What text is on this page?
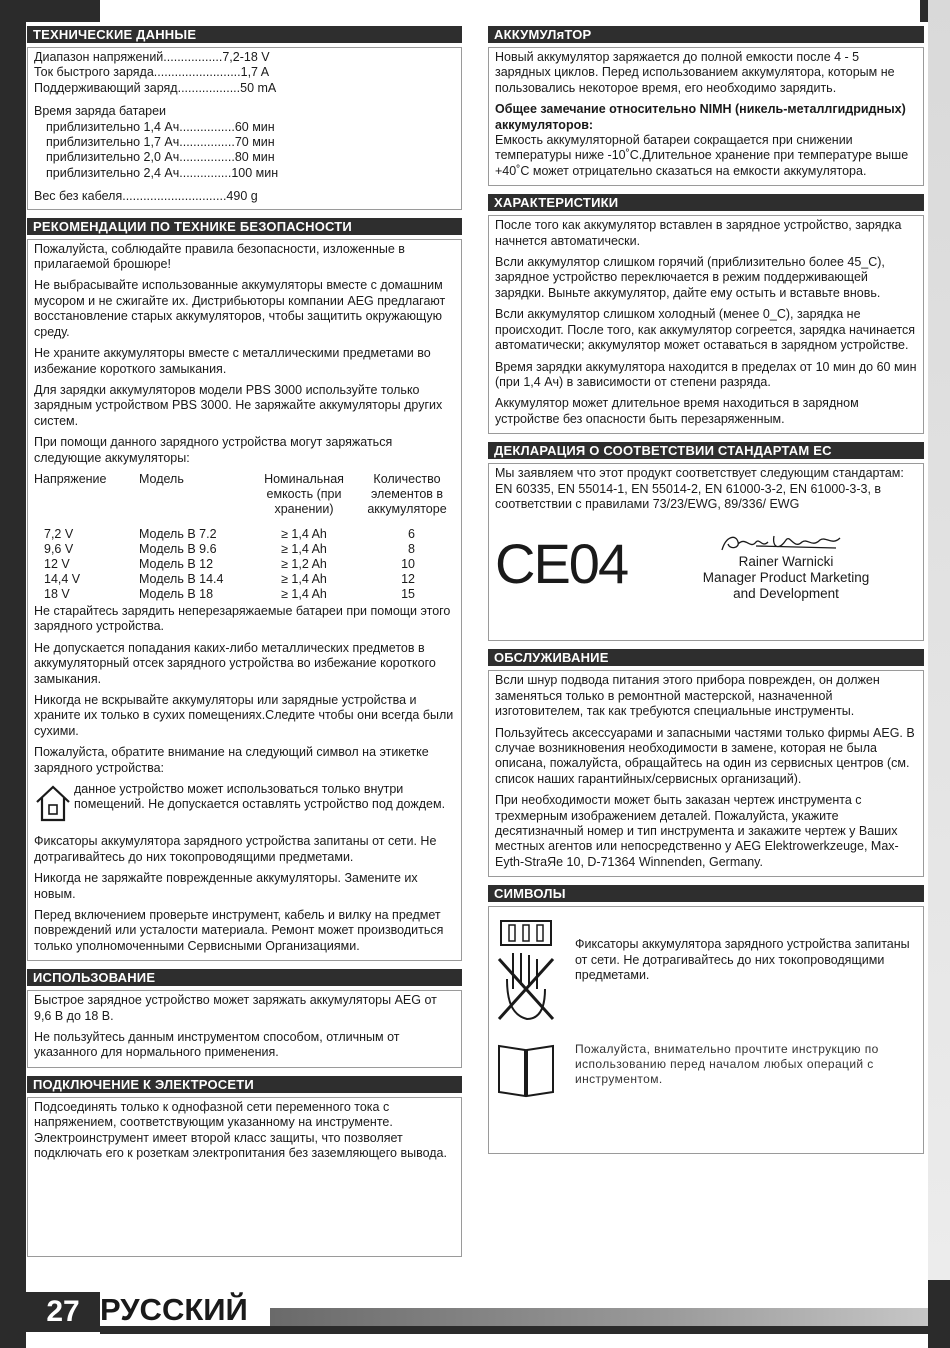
ТЕХНИЧЕСКИЕ ДАННЫЕ
Диапазон напряжений ................. 7,2-18 V
Ток быстрого заряда ......................... 1,7 A
Поддерживающий заряд .................. 50 mA
Время заряда батареи
приблизительно 1,4 Ач ................ 60 мин
приблизительно 1,7 Ач ................ 70 мин
приблизительно 2,0 Ач ................ 80 мин
приблизительно 2,4 Ач ............... 100 мин
Вес без кабеля .............................. 490 g
РЕКОМЕНДАЦИИ ПО ТЕХНИКЕ БЕЗОПАСНОСТИ

Пожалуйста, соблюдайте правила безопасности, изложенные в прилагаемой брошюре!

Не выбрасывайте использованные аккумуляторы вместе с домашним мусором и не сжигайте их. Дистрибьюторы компании AEG предлагают восстановление старых аккумуляторов, чтобы защитить окружающую среду.

Не храните аккумуляторы вместе с металлическими предметами во избежание короткого замыкания.

Для зарядки аккумуляторов модели PBS 3000 используйте только зарядным устройством PBS 3000. Не заряжайте аккумуляторы других систем.

При помощи данного зарядного устройства могут заряжаться следующие аккумуляторы:

Напряжение	Модель	Номинальная емкость (при хранении)	Количество элементов в аккумуляторе

7,2 V	Модель B 7.2	≥ 1,4 Ah	6
9,6 V	Модель B 9.6	≥ 1,4 Ah	8
12 V	Модель B 12	≥ 1,2 Ah	10
14,4 V	Модель B 14.4	≥ 1,4 Ah	12
18 V	Модель B 18	≥ 1,4 Ah	15

Не старайтесь зарядить неперезаряжаемые батареи при помощи этого зарядного устройства.

Не допускается попадания каких-либо металлических предметов в аккумуляторный отсек зарядного устройства во избежание короткого замыкания.

Никогда не вскрывайте аккумуляторы или зарядные устройства и храните их только в сухих помещениях.Следите чтобы они всегда были сухими.

Пожалуйста, обратите внимание на следующий символ на этикетке зарядного устройства:

данное устройство может использоваться только внутри помещений. Не допускается оставлять устройство под дождем.

Фиксаторы аккумулятора зарядного устройства запитаны от сети. Не дотрагивайтесь до них токопроводящими предметами.

Никогда не заряжайте поврежденные аккумуляторы. Замените их новым.

Перед включением проверьте инструмент, кабель и вилку на предмет повреждений или усталости материала. Ремонт может производиться только уполномоченными Сервисными Организациями.

ИСПОЛЬЗОВАНИЕ

Быстрое зарядное устройство может заряжать аккумуляторы AEG от 9,6 В до 18 В.

Не пользуйтесь данным инструментом способом, отличным от указанного для нормального применения.

ПОДКЛЮЧЕНИЕ К ЭЛЕКТРОСЕТИ

Подсоединять только к однофазной сети переменного тока с напряжением, соответствующим указанному на инструменте. Электроинструмент имеет второй класс защиты, что позволяет подключать его к розеткам электропитания без заземляющего вывода.

АККУМУЛяТОР

Новый аккумулятор заряжается до полной емкости после 4 - 5 зарядных циклов. Перед использованием аккумулятора, которым не пользовались некоторое время, его необходимо зарядить.

Общее замечание относительно NIMH (никель-металлгидридных) аккумуляторов:

Емкость аккумуляторной батареи сокращается при снижении температуры ниже -10˚C.Длительное хранение при температуре выше +40˚C может отрицательно сказаться на емкости аккумулятора.

ХАРАКТЕРИСТИКИ

После того как аккумулятор вставлен в зарядное устройство, зарядка начнется автоматически.

Всли аккумулятор слишком горячий (приблизительно более 45_C), зарядное устройство переключается в режим поддерживающей зарядки. Выньте аккумулятор, дайте ему остыть и вставьте вновь.

Всли аккумулятор слишком холодный (менее 0_C), зарядка не происходит. После того, как аккумулятор согреется, зарядка начинается автоматически; аккумулятор может оставаться в зарядном устройстве.

Время зарядки аккумулятора находится в пределах от 10 мин до 60 мин (при 1,4 Ач) в зависимости от степени разряда.

Аккумулятор может длительное время находиться в зарядном устройстве без опасности быть перезаряженным.

ДЕКЛАРАЦИЯ О СООТВЕТСТВИИ СТАНДАРТАМ ЕС

Мы заявляем что этот продукт соответствует следующим стандартам: EN 60335, EN 55014-1, EN 55014-2, EN 61000-3-2, EN 61000-3-3, в соответствии с правилами 73/23/EWG, 89/336/ EWG

CE04	Rainer Warnicki
Manager Product Marketing
and Development
ОБСЛУЖИВАНИЕ

Всли шнур подвода питания этого прибора поврежден, он должен заменяться только в ремонтной мастерской, назначенной изготовителем, так как требуются специальные инструменты.

Пользуйтесь аксессуарами и запасными частями только фирмы AEG. В случае возникновения необходимости в замене, которая не была описана, пожалуйста, обращайтесь на один из сервисных центров (см. список наших гарантийных/сервисных организаций).

При необходимости может быть заказан чертеж инструмента с трехмерным изображением деталей. Пожалуйста, укажите десятизначный номер и тип инструмента и закажите чертеж у Ваших местных агентов или непосредственно у AEG Elektrowerkzeuge, Max-Eyth-StraЯe 10, D-71364 Winnenden, Germany.

СИМВОЛЫ
Фиксаторы аккумулятора зарядного устройства запитаны от сети. Не дотрагивайтесь до них токопроводящими предметами.
Пожалуйста, внимательно прочтите инструкцию по использованию перед началом любых операций с инструментом.
27 РУССКИЙ
